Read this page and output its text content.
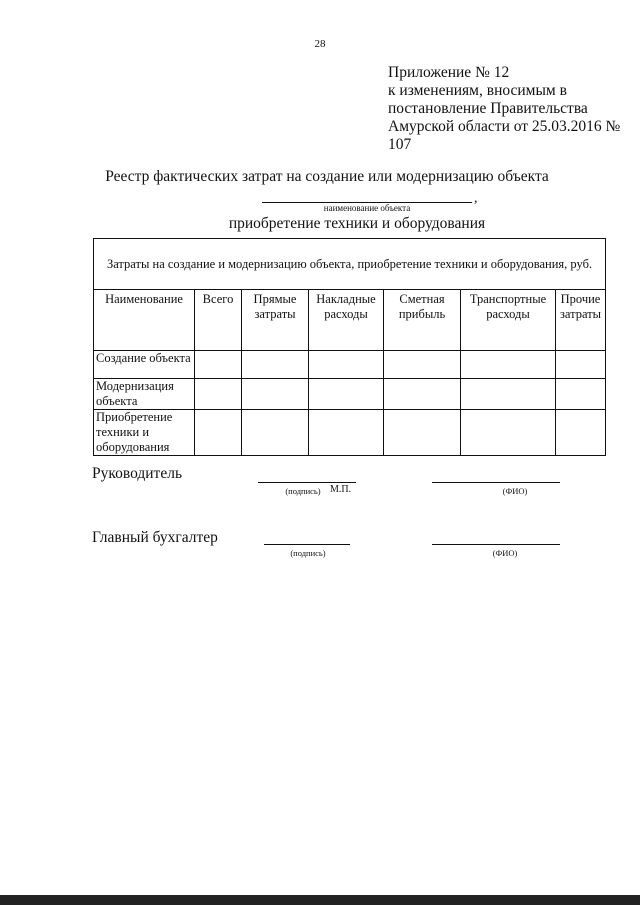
28
Приложение № 12
к изменениям, вносимым в
постановление Правительства
Амурской области от 25.03.2016 №
107
Реестр фактических затрат на создание или модернизацию объекта
,
наименование объекта
приобретение техники и оборудования
Затраты на создание и модернизацию объекта, приобретение техники и оборудования, руб.						

Наименование	Всего	Прямые затраты	Накладные расходы	Сметная прибыль	Транспортные расходы	Прочие затраты

Создание объекта						
Модернизация объекта						
Приобретение техники и оборудования						
Руководитель
(подпись) М.П.	(ФИО)
Главный бухгалтер
(подпись)	(ФИО)
